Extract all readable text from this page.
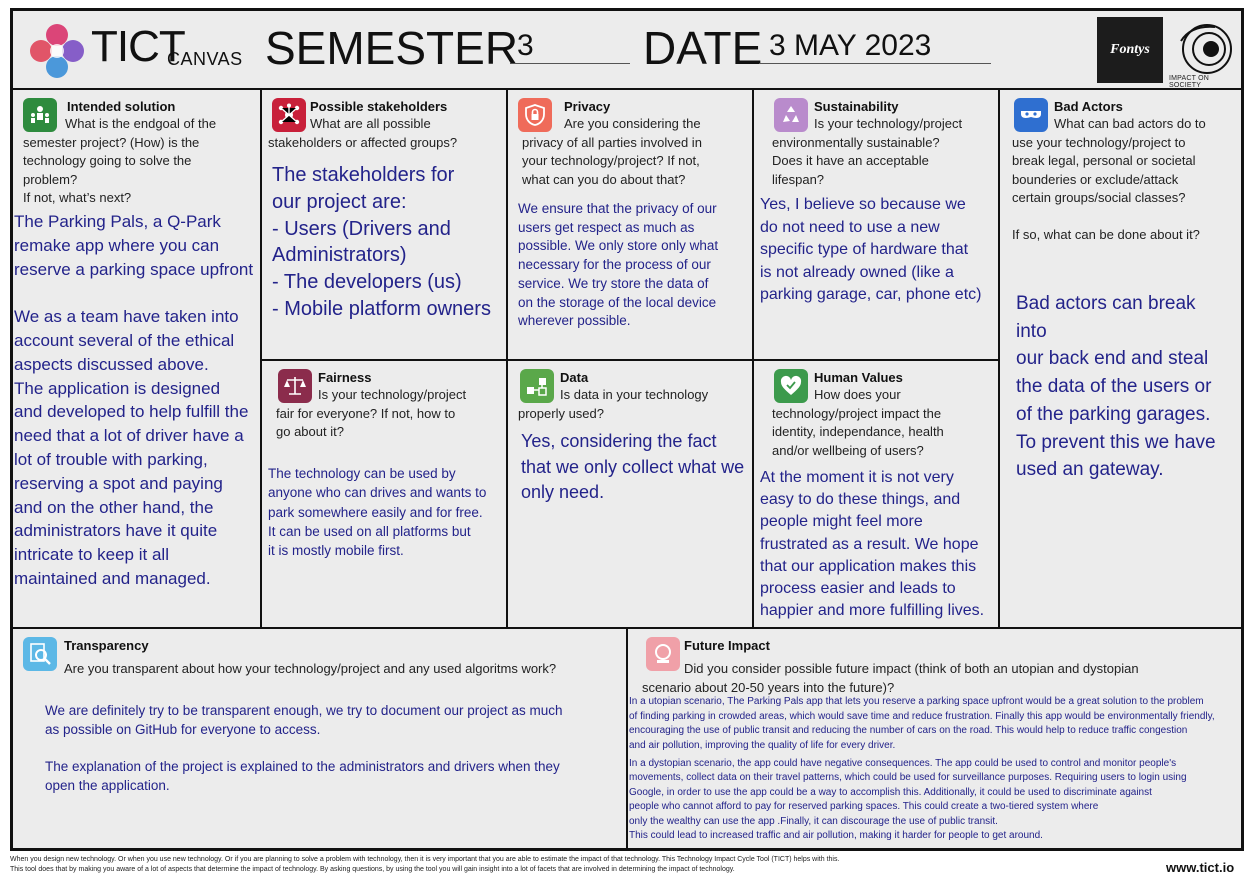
TICT
CANVAS SEMESTER
3 DATE 3 MAY 2023	Fontys
IMPACT ON SOCIETY
Intended solution
What is the endgoal of the
semester project? (How) is the
technology going to solve the
problem?
If not, what’s next?
The Parking Pals, a Q-Park
remake app where you can
reserve a parking space upfront

We as a team have taken into
account several of the ethical
aspects discussed above.
The application is designed
and developed to help fulfill the
need that a lot of driver have a
lot of trouble with parking,
reserving a spot and paying
and on the other hand, the
administrators have it quite
intricate to keep it all
maintained and managed.
Possible stakeholders
What are all possible
stakeholders or affected groups?
The stakeholders for
our project are:
- Users (Drivers and
Administrators)
- The developers (us)
- Mobile platform owners
Privacy
Are you considering the
privacy of all parties involved in
your technology/project? If not,
what can you do about that?
We ensure that the privacy of our
users get respect as much as
possible. We only store only what
necessary for the process of our
service. We try store the data of
on the storage of the local device
wherever possible.
Sustainability
Is your technology/project
environmentally sustainable?
Does it have an acceptable
lifespan?
Yes, I believe so because we
do not need to use a new
specific type of hardware that
is not already owned (like a
parking garage, car, phone etc)
Bad Actors
What can bad actors do to
use your technology/project to
break legal, personal or societal
bounderies or exclude/attack
certain groups/social classes?

If so, what can be done about it?
Bad actors can break
into
our back end and steal
the data of the users or
of the parking garages.
To prevent this we have
used an gateway.
Fairness
Is your technology/project
fair for everyone? If not, how to
go about it?
The technology can be used by
anyone who can drives and wants to
park somewhere easily and for free.
It can be used on all platforms but
it is mostly mobile first.
Data
Is data in your technology
properly used?
Yes, considering the fact
that we only collect what we
only need.
Human Values
How does your
technology/project impact the
identity, independance, health
and/or wellbeing of users?
At the moment it is not very
easy to do these things, and
people might feel more
frustrated as a result. We hope
that our application makes this
process easier and leads to
happier and more fulfilling lives.
Transparency
Are you transparent about how your technology/project and any used algoritms work?
We are definitely try to be transparent enough, we try to document our project as much
as possible on GitHub for everyone to access.
The explanation of the project is explained to the administrators and drivers when they
open the application.
Future Impact
Did you consider possible future impact (think of both an utopian and dystopian
scenario about 20-50 years into the future)?
In a utopian scenario, The Parking Pals app that lets you reserve a parking space upfront would be a great solution to the problem
of finding parking in crowded areas, which would save time and reduce frustration. Finally this app would be environmentally friendly,
encouraging the use of public transit and reducing the number of cars on the road. This would help to reduce traffic congestion
and air pollution, improving the quality of life for every driver.
In a dystopian scenario, the app could have negative consequences. The app could be used to control and monitor people's
movements, collect data on their travel patterns, which could be used for surveillance purposes. Requiring users to login using
Google, in order to use the app could be a way to accomplish this. Additionally, it could be used to discriminate against
people who cannot afford to pay for reserved parking spaces. This could create a two-tiered system where
only the wealthy can use the app .Finally, it can discourage the use of public transit.
This could lead to increased traffic and air pollution, making it harder for people to get around.
When you design new technology. Or when you use new technology. Or if you are planning to solve a problem with technology, then it is very important that you are able to estimate the impact of that technology. This Technology Impact Cycle Tool (TICT) helps with this.
This tool does that by making you aware of a lot of aspects that determine the impact of technology. By asking questions, by using the tool you will gain insight into a lot of facets that are involved in determining the impact of technology.	www.tict.io
